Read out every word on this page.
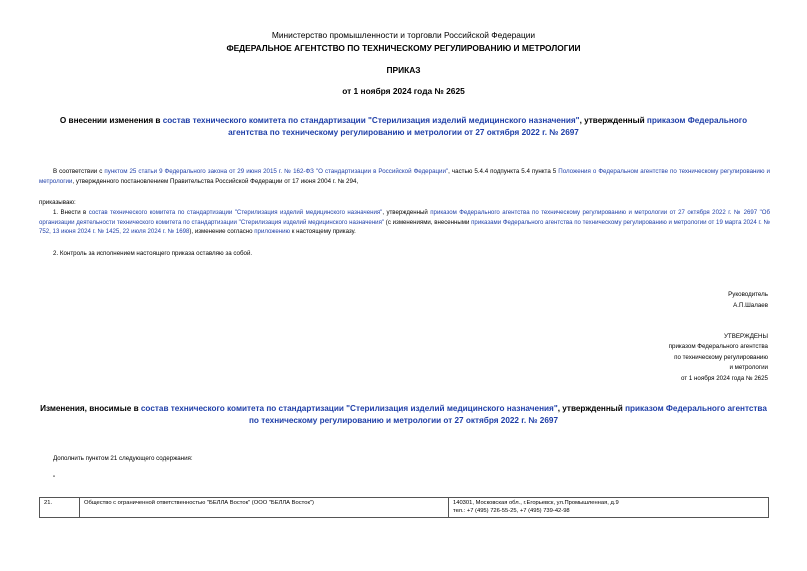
Министерство промышленности и торговли Российской Федерации
ФЕДЕРАЛЬНОЕ АГЕНТСТВО ПО ТЕХНИЧЕСКОМУ РЕГУЛИРОВАНИЮ И МЕТРОЛОГИИ
ПРИКАЗ
от 1 ноября 2024 года № 2625
О внесении изменения в состав технического комитета по стандартизации "Стерилизация изделий медицинского назначения", утвержденный приказом Федерального агентства по техническому регулированию и метрологии от 27 октября 2022 г. № 2697
В соответствии с пунктом 25 статьи 9 Федерального закона от 29 июня 2015 г. № 162-ФЗ "О стандартизации в Российской Федерации", частью 5.4.4 подпункта 5.4 пункта 5 Положения о Федеральном агентстве по техническому регулированию и метрологии, утвержденного постановлением Правительства Российской Федерации от 17 июня 2004 г. № 294,
приказываю:
1. Внести в состав технического комитета по стандартизации "Стерилизация изделий медицинского назначения", утвержденный приказом Федерального агентства по техническому регулированию и метрологии от 27 октября 2022 г. № 2697 "Об организации деятельности технического комитета по стандартизации "Стерилизация изделий медицинского назначения" (с изменениями, внесенными приказами Федерального агентства по техническому регулированию и метрологии от 19 марта 2024 г. № 752, 13 июня 2024 г. № 1425, 22 июля 2024 г. № 1698), изменение согласно приложению к настоящему приказу.
2. Контроль за исполнением настоящего приказа оставляю за собой.
Руководитель
А.П.Шалаев
УТВЕРЖДЕНЫ
приказом Федерального агентства
по техническому регулированию
и метрологии
от 1 ноября 2024 года № 2625
Изменения, вносимые в состав технического комитета по стандартизации "Стерилизация изделий медицинского назначения", утвержденный приказом Федерального агентства по техническому регулированию и метрологии от 27 октября 2022 г. № 2697
Дополнить пунктом 21 следующего содержания:
"
21.	Общество с ограниченной ответственностью "БЕЛЛА Восток" (ООО "БЕЛЛА Восток")	140301, Московская обл., г.Егорьевск, ул.Промышленная, д.9
тел.: +7 (495) 726-55-25, +7 (495) 739-42-98
